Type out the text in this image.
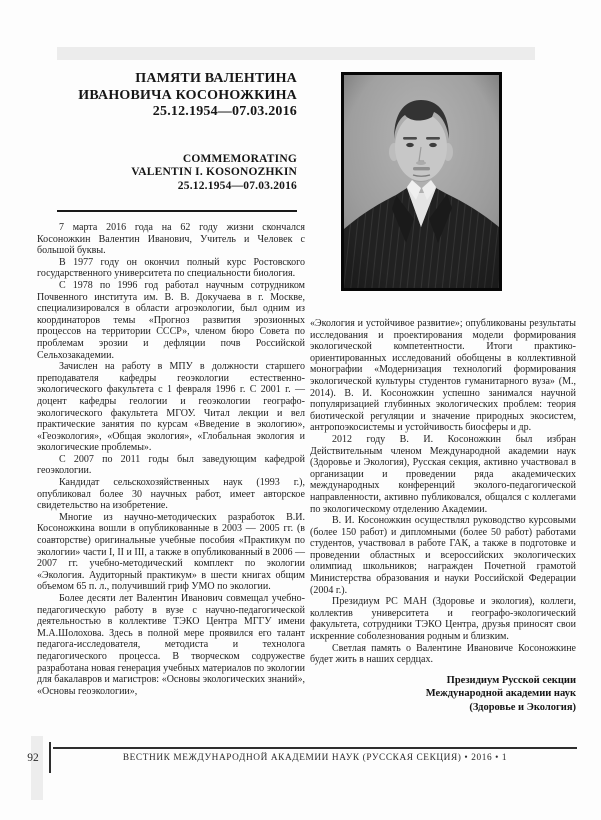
ПАМЯТИ ВАЛЕНТИНА
ИВАНОВИЧА КОСОНОЖКИНА
25.12.1954—07.03.2016
COMMEMORATING
VALENTIN I. KOSONOZHKIN
25.12.1954—07.03.2016

7 марта 2016 года на 62 году жизни скончался Косоножкин Валентин Иванович, Учитель и Человек с большой буквы.

В 1977 году он окончил полный курс Ростовского государственного университета по специальности биология.

С 1978 по 1996 год работал научным сотрудником Почвенного института им. В. В. Докучаева в г. Москве, специализировался в области агроэкологии, был одним из координаторов темы «Прогноз развития эрозионных процессов на территории СССР», членом бюро Совета по проблемам эрозии и дефляции почв Российской Сельхозакадемии.

Зачислен на работу в МПУ в должности старшего преподавателя кафедры геоэкологии естественно-экологического факультета с 1 февраля 1996 г. С 2001 г. — доцент кафедры геологии и геоэкологии географо-экологического факультета МГОУ. Читал лекции и вел практические занятия по курсам «Введение в экологию», «Геоэкология», «Общая экология», «Глобальная экология и экологические проблемы».

С 2007 по 2011 годы был заведующим кафедрой геоэкологии.

Кандидат сельскохозяйственных наук (1993 г.), опубликовал более 30 научных работ, имеет авторское свидетельство на изобретение.

Многие из научно-методических разработок В.И. Косоножкина вошли в опубликованные в 2003 — 2005 гг. (в соавторстве) оригинальные учебные пособия «Практикум по экологии» части I, II и III, а также в опубликованный в 2006 — 2007 гг. учебно-методический комплект по экологии «Экология. Аудиторный практикум» в шести книгах общим объемом 65 п. л., получивший гриф УМО по экологии.

Более десяти лет Валентин Иванович совмещал учебно-педагогическую работу в вузе с научно-педагогической деятельностью в коллективе ТЭКО Центра МГГУ имени М.А.Шолохова. Здесь в полной мере проявился его талант педагога-исследователя, методиста и технолога педагогического процесса. В творческом содружестве разработана новая генерация учебных материалов по экологии для бакалавров и магистров: «Основы экологических знаний», «Основы геоэкологии»,

«Экология и устойчивое развитие»; опубликованы результаты исследования и проектирования модели формирования экологической компетентности. Итоги практико-ориентированных исследований обобщены в коллективной монографии «Модернизация технологий формирования экологической культуры студентов гуманитарного вуза» (М., 2014). В. И. Косоножкин успешно занимался научной популяризацией глубинных экологических проблем: теория биотической регуляции и значение природных экосистем, антропоэкосистемы и устойчивость биосферы и др.

2012 году В. И. Косоножкин был избран Действительным членом Международной академии наук (Здоровье и Экология), Русская секция, активно участвовал в организации и проведении ряда академических международных конференций эколого-педагогической направленности, активно публиковался, общался с коллегами по экологическому отделению Академии.

В. И. Косоножкин осуществлял руководство курсовыми (более 150 работ) и дипломными (более 50 работ) работами студентов, участвовал в работе ГАК, а также в подготовке и проведении областных и всероссийских экологических олимпиад школьников; награжден Почетной грамотой Министерства образования и науки Российской Федерации (2004 г.).

Президиум РС МАН (Здоровье и экология), коллеги, коллектив университета и географо-экологический факультета, сотрудники ТЭКО Центра, друзья приносят свои искренние соболезнования родным и близким.

Светлая память о Валентине Ивановиче Косоножкине будет жить в наших сердцах.

Президиум Русской секции
Международной академии наук
(Здоровье и Экология)
92	ВЕСТНИК МЕЖДУНАРОДНОЙ АКАДЕМИИ НАУК (РУССКАЯ СЕКЦИЯ) • 2016 • 1
